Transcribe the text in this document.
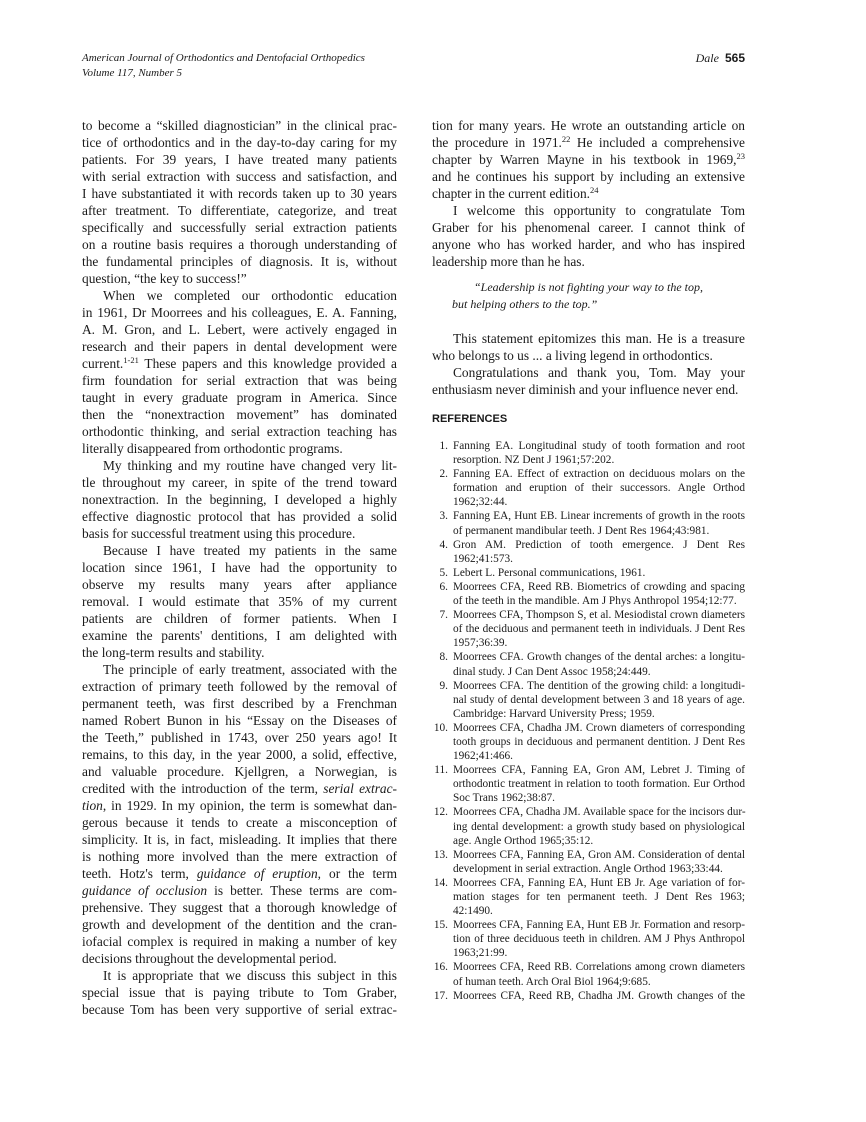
American Journal of Orthodontics and Dentofacial Orthopedics
Volume 117, Number 5
Dale 565
to become a “skilled diagnostician” in the clinical prac-
tice of orthodontics and in the day-to-day caring for my
patients. For 39 years, I have treated many patients
with serial extraction with success and satisfaction, and
I have substantiated it with records taken up to 30 years
after treatment. To differentiate, categorize, and treat
specifically and successfully serial extraction patients
on a routine basis requires a thorough understanding of
the fundamental principles of diagnosis. It is, without
question, “the key to success!”
When we completed our orthodontic education
in 1961, Dr Moorrees and his colleagues, E. A. Fanning,
A. M. Gron, and L. Lebert, were actively engaged in
research and their papers in dental development were
current.$^{1-21}$ These papers and this knowledge provided a
firm foundation for serial extraction that was being
taught in every graduate program in America. Since
then the “nonextraction movement” has dominated
orthodontic thinking, and serial extraction teaching has
literally disappeared from orthodontic programs.
My thinking and my routine have changed very lit-
tle throughout my career, in spite of the trend toward
nonextraction. In the beginning, I developed a highly
effective diagnostic protocol that has provided a solid
basis for successful treatment using this procedure.
Because I have treated my patients in the same
location since 1961, I have had the opportunity to
observe my results many years after appliance
removal. I would estimate that 35% of my current
patients are children of former patients. When I
examine the parents' dentitions, I am delighted with
the long-term results and stability.
The principle of early treatment, associated with the
extraction of primary teeth followed by the removal of
permanent teeth, was first described by a Frenchman
named Robert Bunon in his “Essay on the Diseases of
the Teeth,” published in 1743, over 250 years ago! It
remains, to this day, in the year 2000, a solid, effective,
and valuable procedure. Kjellgren, a Norwegian, is
credited with the introduction of the term, serial extrac-
tion, in 1929. In my opinion, the term is somewhat dan-
gerous because it tends to create a misconception of
simplicity. It is, in fact, misleading. It implies that there
is nothing more involved than the mere extraction of
teeth. Hotz's term, guidance of eruption, or the term
guidance of occlusion is better. These terms are com-
prehensive. They suggest that a thorough knowledge of
growth and development of the dentition and the cran-
iofacial complex is required in making a number of key
decisions throughout the developmental period.
It is appropriate that we discuss this subject in this
special issue that is paying tribute to Tom Graber,
because Tom has been very supportive of serial extrac-
tion for many years. He wrote an outstanding article on
the procedure in 1971.22 He included a comprehensive
chapter by Warren Mayne in his textbook in 1969,23
and he continues his support by including an extensive
chapter in the current edition.$^{24}$
I welcome this opportunity to congratulate Tom
Graber for his phenomenal career. I cannot think of
anyone who has worked harder, and who has inspired
leadership more than he has.
“Leadership is not fighting your way to the top,
but helping others to the top.”
This statement epitomizes this man. He is a treasure
who belongs to us ... a living legend in orthodontics.
Congratulations and thank you, Tom. May your
enthusiasm never diminish and your influence never end.
REFERENCES
1. Fanning EA. Longitudinal study of tooth formation and root
resorption. NZ Dent J 1961;57:202.
2. Fanning EA. Effect of extraction on deciduous molars on the
formation and eruption of their successors. Angle Orthod
1962;32:44.
3. Fanning EA, Hunt EB. Linear increments of growth in the roots
of permanent mandibular teeth. J Dent Res 1964;43:981.
4. Gron AM. Prediction of tooth emergence. J Dent Res
1962;41:573.
5. Lebert L. Personal communications, 1961.
6. Moorrees CFA, Reed RB. Biometrics of crowding and spacing
of the teeth in the mandible. Am J Phys Anthropol 1954;12:77.
7. Moorrees CFA, Thompson S, et al. Mesiodistal crown diameters
of the deciduous and permanent teeth in individuals. J Dent Res
1957;36:39.
8. Moorrees CFA. Growth changes of the dental arches: a longitu-
dinal study. J Can Dent Assoc 1958;24:449.
9. Moorrees CFA. The dentition of the growing child: a longitudi-
nal study of dental development between 3 and 18 years of age.
Cambridge: Harvard University Press; 1959.
10. Moorrees CFA, Chadha JM. Crown diameters of corresponding
tooth groups in deciduous and permanent dentition. J Dent Res
1962;41:466.
11. Moorrees CFA, Fanning EA, Gron AM, Lebret J. Timing of
orthodontic treatment in relation to tooth formation. Eur Orthod
Soc Trans 1962;38:87.
12. Moorrees CFA, Chadha JM. Available space for the incisors dur-
ing dental development: a growth study based on physiological
age. Angle Orthod 1965;35:12.
13. Moorrees CFA, Fanning EA, Gron AM. Consideration of dental
development in serial extraction. Angle Orthod 1963;33:44.
14. Moorrees CFA, Fanning EA, Hunt EB Jr. Age variation of for-
mation stages for ten permanent teeth. J Dent Res 1963;
42:1490.
15. Moorrees CFA, Fanning EA, Hunt EB Jr. Formation and resorp-
tion of three deciduous teeth in children. AM J Phys Anthropol
1963;21:99.
16. Moorrees CFA, Reed RB. Correlations among crown diameters
of human teeth. Arch Oral Biol 1964;9:685.
17. Moorrees CFA, Reed RB, Chadha JM. Growth changes of the
